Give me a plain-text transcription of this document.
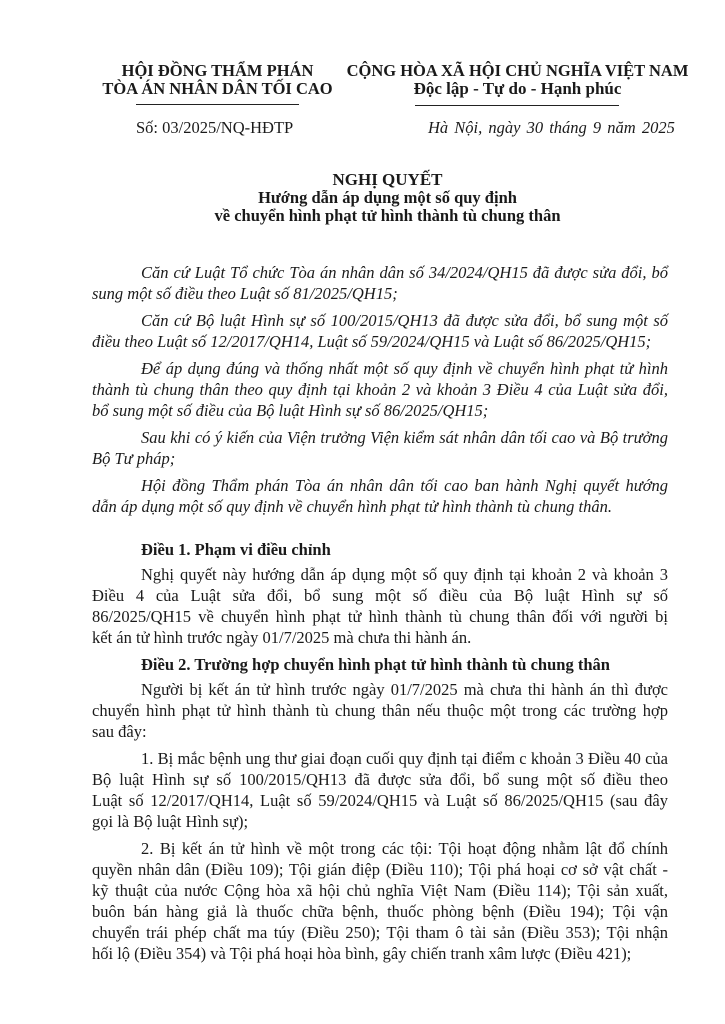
HỘI ĐỒNG THẨM PHÁN
TÒA ÁN NHÂN DÂN TỐI CAO
Số: 03/2025/NQ-HĐTP
CỘNG HÒA XÃ HỘI CHỦ NGHĨA VIỆT NAM
Độc lập - Tự do - Hạnh phúc
Hà Nội, ngày 30 tháng 9 năm 2025
NGHỊ QUYẾT
Hướng dẫn áp dụng một số quy định
về chuyển hình phạt tử hình thành tù chung thân
Căn cứ Luật Tổ chức Tòa án nhân dân số 34/2024/QH15 đã được sửa đổi, bổ
sung một số điều theo Luật số 81/2025/QH15;
Căn cứ Bộ luật Hình sự số 100/2015/QH13 đã được sửa đổi, bổ sung một số
điều theo Luật số 12/2017/QH14, Luật số 59/2024/QH15 và Luật số 86/2025/QH15;
Để áp dụng đúng và thống nhất một số quy định về chuyển hình phạt tử hình
thành tù chung thân theo quy định tại khoản 2 và khoản 3 Điều 4 của Luật sửa đổi,
bổ sung một số điều của Bộ luật Hình sự số 86/2025/QH15;
Sau khi có ý kiến của Viện trưởng Viện kiểm sát nhân dân tối cao và Bộ trưởng
Bộ Tư pháp;
Hội đồng Thẩm phán Tòa án nhân dân tối cao ban hành Nghị quyết hướng
dẫn áp dụng một số quy định về chuyển hình phạt tử hình thành tù chung thân.
Điều 1. Phạm vi điều chỉnh
Nghị quyết này hướng dẫn áp dụng một số quy định tại khoản 2 và khoản 3
Điều 4 của Luật sửa đổi, bổ sung một số điều của Bộ luật Hình sự số
86/2025/QH15 về chuyển hình phạt tử hình thành tù chung thân đối với người bị
kết án tử hình trước ngày 01/7/2025 mà chưa thi hành án.
Điều 2. Trường hợp chuyển hình phạt tử hình thành tù chung thân
Người bị kết án tử hình trước ngày 01/7/2025 mà chưa thi hành án thì được
chuyển hình phạt tử hình thành tù chung thân nếu thuộc một trong các trường hợp
sau đây:
1. Bị mắc bệnh ung thư giai đoạn cuối quy định tại điểm c khoản 3 Điều 40 của
Bộ luật Hình sự số 100/2015/QH13 đã được sửa đổi, bổ sung một số điều theo
Luật số 12/2017/QH14, Luật số 59/2024/QH15 và Luật số 86/2025/QH15 (sau đây
gọi là Bộ luật Hình sự);
2. Bị kết án tử hình về một trong các tội: Tội hoạt động nhằm lật đổ chính
quyền nhân dân (Điều 109); Tội gián điệp (Điều 110); Tội phá hoại cơ sở vật chất -
kỹ thuật của nước Cộng hòa xã hội chủ nghĩa Việt Nam (Điều 114); Tội sản xuất,
buôn bán hàng giả là thuốc chữa bệnh, thuốc phòng bệnh (Điều 194); Tội vận
chuyển trái phép chất ma túy (Điều 250); Tội tham ô tài sản (Điều 353); Tội nhận
hối lộ (Điều 354) và Tội phá hoại hòa bình, gây chiến tranh xâm lược (Điều 421);
